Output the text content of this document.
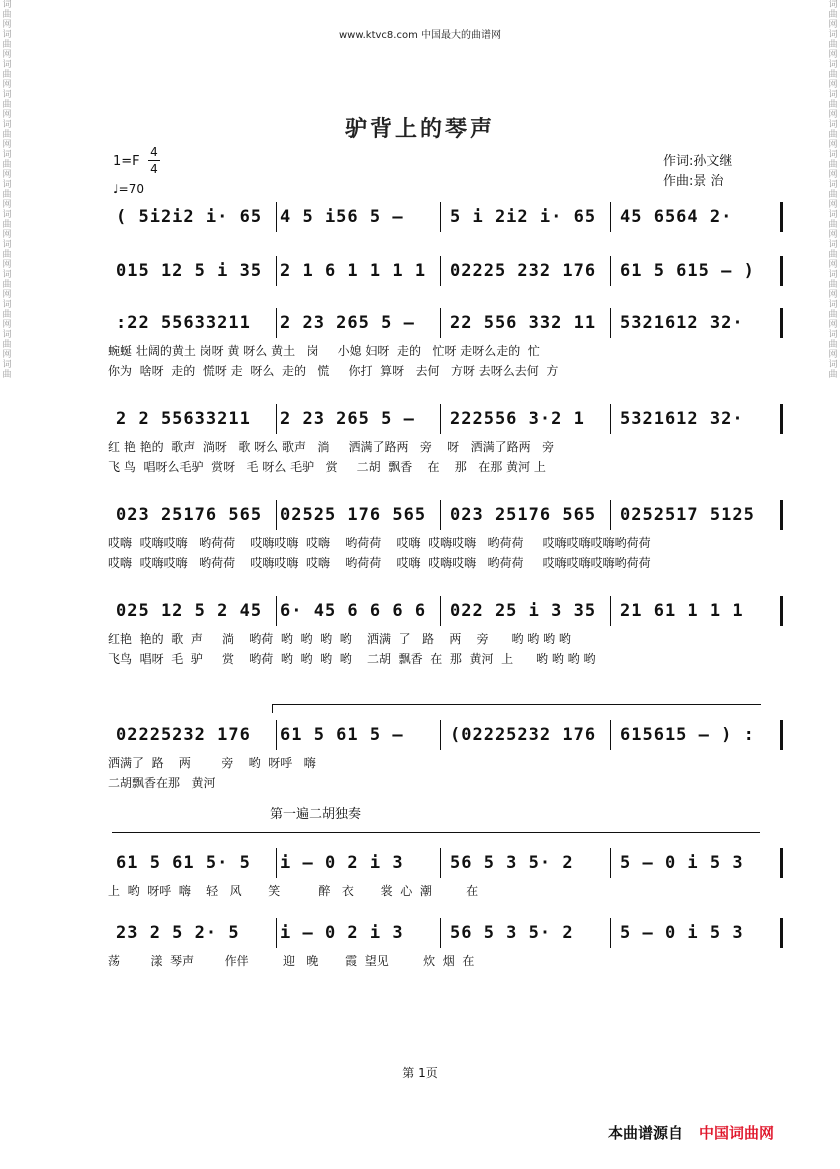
词
曲
网
词
曲
网
词
曲
网
词
曲
网
词
曲
网
词
曲
网
词
曲
网
词
曲
网
词
曲
网
词
曲
网
词
曲
网
词
曲
网
词
曲
词
曲
网
词
曲
网
词
曲
网
词
曲
网
词
曲
网
词
曲
网
词
曲
网
词
曲
网
词
曲
网
词
曲
网
词
曲
网
词
曲
网
词
曲
www.ktvc8.com 中国最大的曲谱网
驴背上的琴声
1=F
4
4
♩=70
作词:孙文继
作曲:景 治
( 5i2i2 i· 65 4 5 i56 5 —	5 i 2i2 i· 65 45 6564 2·
015 12 5 i 35 2 1 6 1 1 1 1 02225 232 176 61 5 615 — )
:22 55633211 2 23 265 5 — 22 556 332 11 5321612 32·
蜿蜒 壮阔的黄土 岗呀 黄 呀么 黄土   岗     小媳 妇呀  走的   忙呀 走呀么走的  忙
你为  啥呀  走的  慌呀 走  呀么  走的   慌     你打  算呀   去何   方呀 去呀么去何  方
2 2 55633211 2 23 265 5 — 222556 3·2 1 5321612 32·
红 艳 艳的  歌声  淌呀   歌 呀么 歌声   淌     洒满了路两   旁    呀   洒满了路两   旁
飞 鸟  唱呀么毛驴  赏呀   毛 呀么 毛驴   赏     二胡  飘香    在    那   在那 黄河 上
023 25176 565 02525 176 565 023 25176 565 0252517 5125
哎嗨  哎嗨哎嗨   哟荷荷    哎嗨哎嗨  哎嗨    哟荷荷    哎嗨  哎嗨哎嗨   哟荷荷     哎嗨哎嗨哎嗨哟荷荷
哎嗨  哎嗨哎嗨   哟荷荷    哎嗨哎嗨  哎嗨    哟荷荷    哎嗨  哎嗨哎嗨   哟荷荷     哎嗨哎嗨哎嗨哟荷荷
025 12 5 2 45 6· 45 6 6 6 6 022 25 i 3 35 21 61 1 1 1
红艳  艳的  歌  声     淌    哟荷  哟  哟  哟  哟    洒满  了   路    两    旁      哟 哟 哟 哟
飞鸟  唱呀  毛  驴     赏    哟荷  哟  哟  哟  哟    二胡  飘香  在  那  黄河  上      哟 哟 哟 哟
02225232 176 61 5 61 5 —	(02225232 176 615615 — ) :
洒满了  路    两        旁    哟  呀呼   嗨
二胡飘香在那   黄河
第一遍二胡独奏
61 5 61 5· 5 i — 0 2 i 3	56 5 3 5· 2	5 — 0 i 5 3
上  哟  呀呼  嗨    轻   风       笑          醉   衣       裳  心  潮         在
23 2 5 2· 5 i — 0 2 i 3	56 5 3 5· 2	5 — 0 i 5 3
荡        漾  琴声        作伴         迎   晚       霞  望见         炊  烟  在
第 1页
本曲谱源自 中国词曲网
